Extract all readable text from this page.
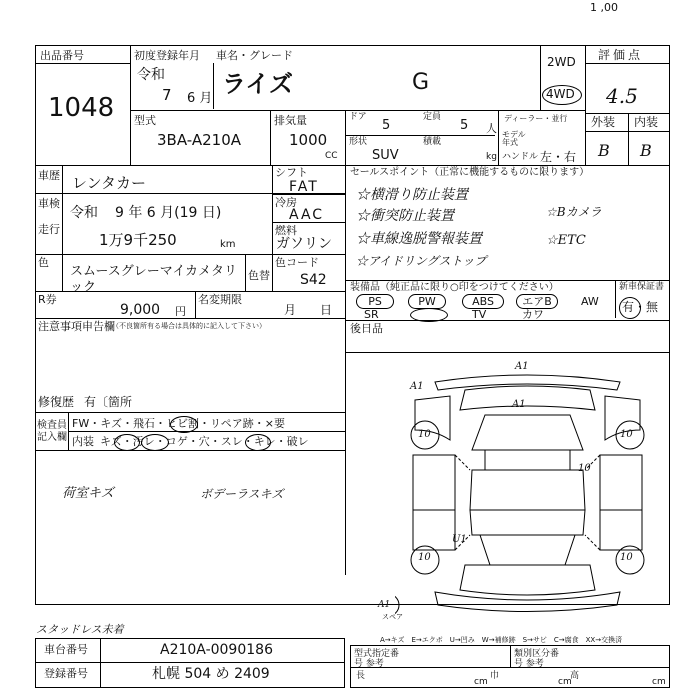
1 ,00
出品番号
1048
初度登録年月 車名・グレード
令和
7 6 月
ライズ	G
2WD
4WD
評価点
4.5
型式
3BA-A210A
排気量
1000
CC
ドア
5
定員
5 人
形状
SUV
積載
kg ハンドル
ディーラー・並行
モデル 年式
左・右
外装 内装
B B
車歴 レンタカー
車検
令和 9 年 6 月(19 日)
走行
1万9千250	km
シフト
FAT
冷房
AAC
燃料
ガソリン
色
スムースグレーマイカメタリック
色替
色コード
S42
R券
9,000 円
名変期限
月　　日
注意事項申告欄
（不良箇所有る場合は具体的に記入して下さい）
修復歴 有〔箇所
検査員記入欄
FW・キズ・飛石・ヒビ割・リペア跡・×要
内装 キズ・汚レ・コゲ・穴・スレ・キレ・破レ
荷室キズ	ボデーラスキズ
スタッドレス未着
セールスポイント（正常に機能するものに限ります）
☆横滑り防止装置
☆Bカメラ
☆衝突防止装置
☆車線逸脱警報装置	☆ETC
☆アイドリングストップ
装備品（純正品に限り○印をつけてください）	新車保証書
有・無
PS	PW	ABS	エアB	AW
SR	TV	カワ
後日品
A1
A1
A1
10	10
10
10	10
U1
A1
スペア
A→キズ　E→エクボ　U→凹み　W→補修跡　S→サビ　C→腐食　XX→交換済
車台番号	A210A-0090186
登録番号	札幌 504 め 2409
型式指定番号 参考
類別区分番号 参考
長
cm
巾
cm
高
cm
